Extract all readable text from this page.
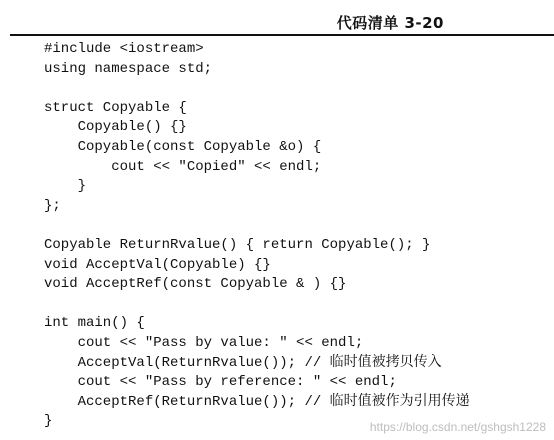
代码清单 3-20
#include <iostream>
using namespace std;
struct Copyable {
Copyable() {}
Copyable(const Copyable &o) {
cout << "Copied" << endl;
}
};
Copyable ReturnRvalue() { return Copyable(); }
void AcceptVal(Copyable) {}
void AcceptRef(const Copyable & ) {}
int main() {
cout << "Pass by value: " << endl;
AcceptVal(ReturnRvalue()); // 临时值被拷贝传入
cout << "Pass by reference: " << endl;
AcceptRef(ReturnRvalue()); // 临时值被作为引用传递
}	https://blog.csdn.net/gshgsh1228
